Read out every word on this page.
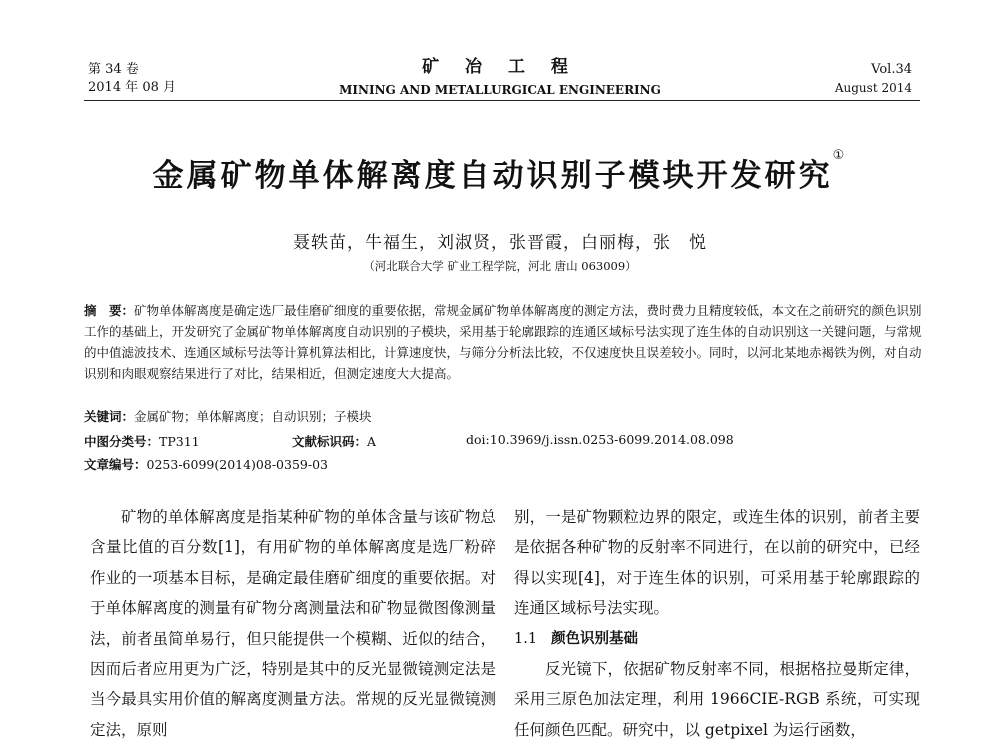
第 34 卷
2014 年 08 月
矿 冶 工 程
MINING AND METALLURGICAL ENGINEERING
Vol.34
August 2014
金属矿物单体解离度自动识别子模块开发研究①
聂轶苗，牛福生，刘淑贤，张晋霞，白丽梅，张　悦
（河北联合大学 矿业工程学院，河北 唐山 063009）
摘　要：矿物单体解离度是确定选厂最佳磨矿细度的重要依据，常规金属矿物单体解离度的测定方法，费时费力且精度较低，本文在之前研究的颜色识别工作的基础上，开发研究了金属矿物单体解离度自动识别的子模块，采用基于轮廓跟踪的连通区域标号法实现了连生体的自动识别这一关键问题，与常规的中值滤波技术、连通区域标号法等计算机算法相比，计算速度快，与筛分分析法比较，不仅速度快且误差较小。同时，以河北某地赤褐铁为例，对自动识别和肉眼观察结果进行了对比，结果相近，但测定速度大大提高。
关键词：金属矿物；单体解离度；自动识别；子模块
中图分类号：TP311	文献标识码：A	doi:10.3969/j.issn.0253-6099.2014.08.098
文章编号：0253-6099(2014)08-0359-03

矿物的单体解离度是指某种矿物的单体含量与该矿物总含量比值的百分数[1]，有用矿物的单体解离度是选厂粉碎作业的一项基本目标，是确定最佳磨矿细度的重要依据。对于单体解离度的测量有矿物分离测量法和矿物显微图像测量法，前者虽简单易行，但只能提供一个模糊、近似的结合，因而后者应用更为广泛，特别是其中的反光显微镜测定法是当今最具实用价值的解离度测量方法。常规的反光显微镜测定法，原则

别，一是矿物颗粒边界的限定，或连生体的识别，前者主要是依据各种矿物的反射率不同进行，在以前的研究中，已经得以实现[4]，对于连生体的识别，可采用基于轮廓跟踪的连通区域标号法实现。

1.1 颜色识别基础

反光镜下，依据矿物反射率不同，根据格拉曼斯定律，采用三原色加法定理，利用 1966CIE-RGB 系统，可实现任何颜色匹配。研究中，以 getpixel 为运行函数，
